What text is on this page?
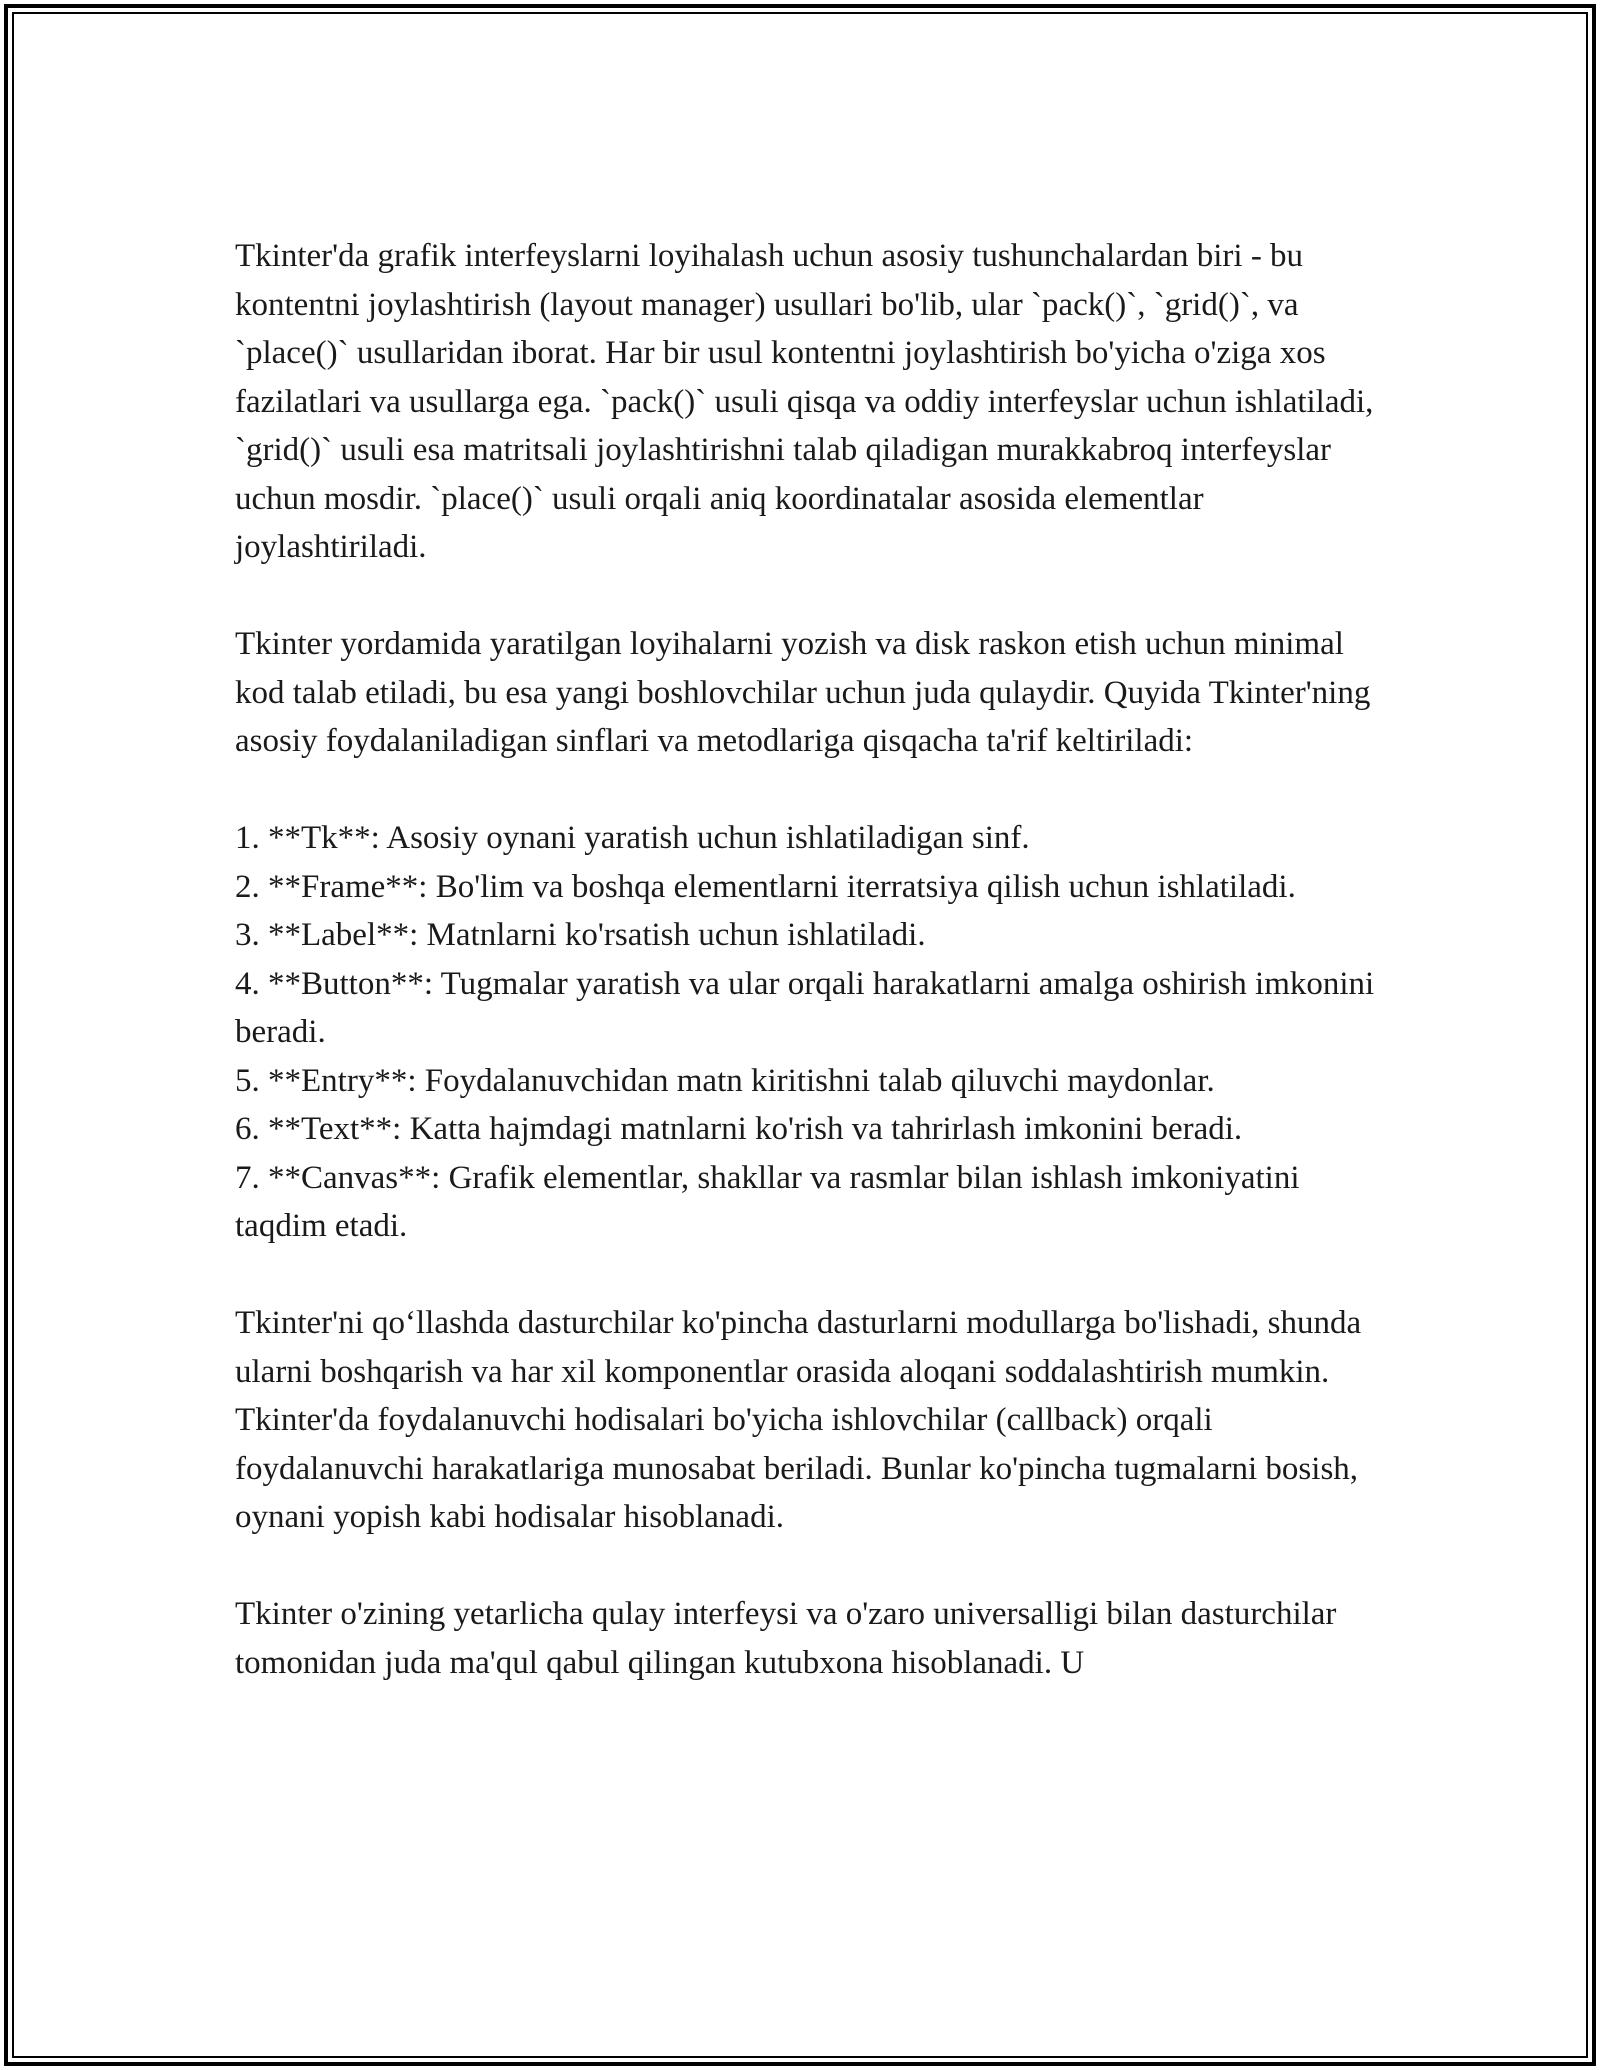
Tkinter'da grafik interfeyslarni loyihalash uchun asosiy tushunchalardan biri - bu kontentni joylashtirish (layout manager) usullari bo'lib, ular `pack()`, `grid()`, va `place()` usullaridan iborat. Har bir usul kontentni joylashtirish bo'yicha o'ziga xos fazilatlari va usullarga ega. `pack()` usuli qisqa va oddiy interfeyslar uchun ishlatiladi, `grid()` usuli esa matritsali joylashtirishni talab qiladigan murakkabroq interfeyslar uchun mosdir. `place()` usuli orqali aniq koordinatalar asosida elementlar joylashtiriladi.

Tkinter yordamida yaratilgan loyihalarni yozish va disk raskon etish uchun minimal kod talab etiladi, bu esa yangi boshlovchilar uchun juda qulaydir. Quyida Tkinter'ning asosiy foydalaniladigan sinflari va metodlariga qisqacha ta'rif keltiriladi:

1. **Tk**: Asosiy oynani yaratish uchun ishlatiladigan sinf.
2. **Frame**: Bo'lim va boshqa elementlarni iterratsiya qilish uchun ishlatiladi.
3. **Label**: Matnlarni ko'rsatish uchun ishlatiladi.
4. **Button**: Tugmalar yaratish va ular orqali harakatlarni amalga oshirish imkonini beradi.
5. **Entry**: Foydalanuvchidan matn kiritishni talab qiluvchi maydonlar.
6. **Text**: Katta hajmdagi matnlarni ko'rish va tahrirlash imkonini beradi.
7. **Canvas**: Grafik elementlar, shakllar va rasmlar bilan ishlash imkoniyatini taqdim etadi.

Tkinter'ni qo‘llashda dasturchilar ko'pincha dasturlarni modullarga bo'lishadi, shunda ularni boshqarish va har xil komponentlar orasida aloqani soddalashtirish mumkin. Tkinter'da foydalanuvchi hodisalari bo'yicha ishlovchilar (callback) orqali foydalanuvchi harakatlariga munosabat beriladi. Bunlar ko'pincha tugmalarni bosish, oynani yopish kabi hodisalar hisoblanadi.

Tkinter o'zining yetarlicha qulay interfeysi va o'zaro universalligi bilan dasturchilar tomonidan juda ma'qul qabul qilingan kutubxona hisoblanadi. U
